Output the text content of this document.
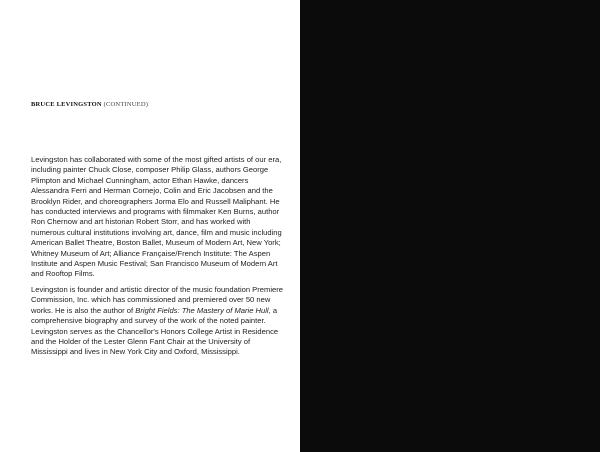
BRUCE LEVINGSTON (CONTINUED)

Levingston has collaborated with some of the most gifted artists of our era, including painter Chuck Close, composer Philip Glass, authors George Plimpton and Michael Cunningham, actor Ethan Hawke, dancers Alessandra Ferri and Herman Cornejo, Colin and Eric Jacobsen and the Brooklyn Rider, and choreographers Jorma Elo and Russell Maliphant. He has conducted interviews and programs with filmmaker Ken Burns, author Ron Chernow and art historian Robert Storr, and has worked with numerous cultural institutions involving art, dance, film and music including American Ballet Theatre, Boston Ballet, Museum of Modern Art, New York; Whitney Museum of Art; Alliance Française/French Institute: The Aspen Institute and Aspen Music Festival; San Francisco Museum of Modern Art and Rooftop Films.

Levingston is founder and artistic director of the music foundation Premiere Commission, Inc. which has commissioned and premiered over 50 new works. He is also the author of Bright Fields: The Mastery of Marie Hull, a comprehensive biography and survey of the work of the noted painter. Levingston serves as the Chancellor's Honors College Artist in Residence and the Holder of the Lester Glenn Fant Chair at the University of Mississippi and lives in New York City and Oxford, Mississippi.
